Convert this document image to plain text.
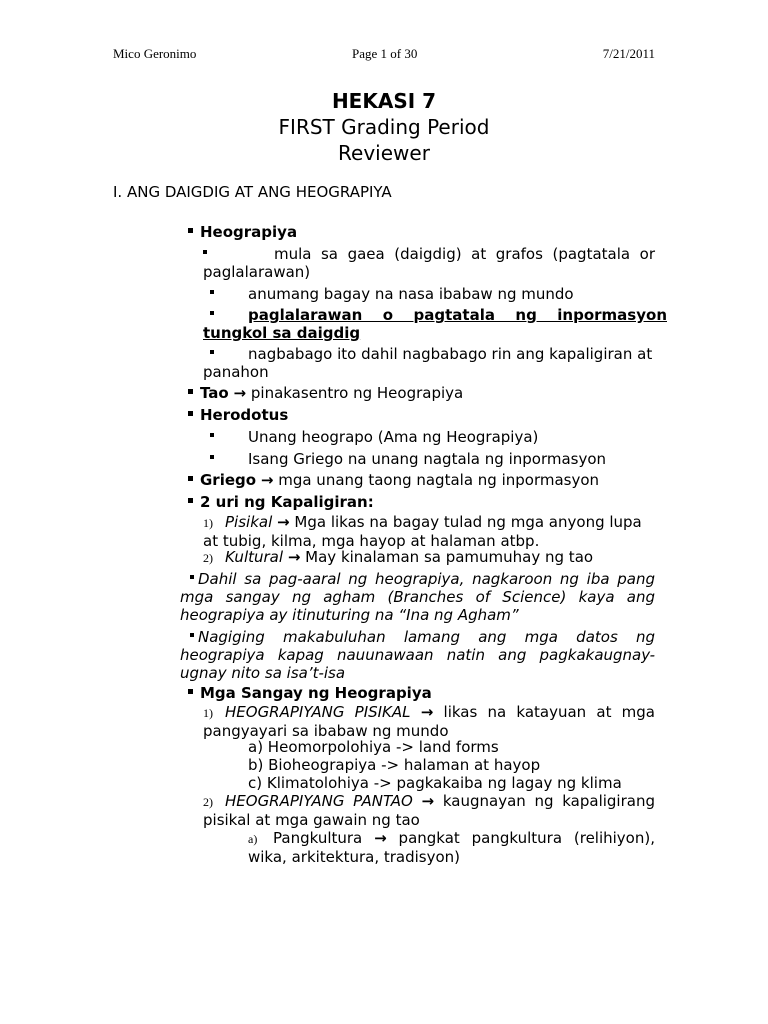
Mico Geronimo	Page 1 of 30	7/21/2011
HEKASI 7
FIRST Grading Period
Reviewer
I. ANG DAIGDIG AT ANG HEOGRAPIYA
Heograpiya
mula sa gaea (daigdig) at grafos (pagtatala or paglalarawan)
anumang bagay na nasa ibabaw ng mundo
paglalarawan o pagtatala ng inpormasyon tungkol sa daigdig
nagbabago ito dahil nagbabago rin ang kapaligiran at panahon
Tao → pinakasentro ng Heograpiya
Herodotus
Unang heograpo (Ama ng Heograpiya)
Isang Griego na unang nagtala ng inpormasyon
Griego → mga unang taong nagtala ng inpormasyon
2 uri ng Kapaligiran:
1) Pisikal → Mga likas na bagay tulad ng mga anyong lupa at tubig, kilma, mga hayop at halaman atbp.
2) Kultural → May kinalaman sa pamumuhay ng tao
Dahil sa pag-aaral ng heograpiya, nagkaroon ng iba pang mga sangay ng agham (Branches of Science) kaya ang heograpiya ay itinuturing na “Ina ng Agham”
Nagiging makabuluhan lamang ang mga datos ng heograpiya kapag nauunawaan natin ang pagkakaugnay-ugnay nito sa isa’t-isa
Mga Sangay ng Heograpiya
1) HEOGRAPIYANG PISIKAL → likas na katayuan at mga pangyayari sa ibabaw ng mundo
a) Heomorpolohiya -> land forms
b) Bioheograpiya -> halaman at hayop
c) Klimatolohiya -> pagkakaiba ng lagay ng klima
2) HEOGRAPIYANG PANTAO → kaugnayan ng kapaligirang pisikal at mga gawain ng tao
a) Pangkultura → pangkat pangkultura (relihiyon), wika, arkitektura, tradisyon)
